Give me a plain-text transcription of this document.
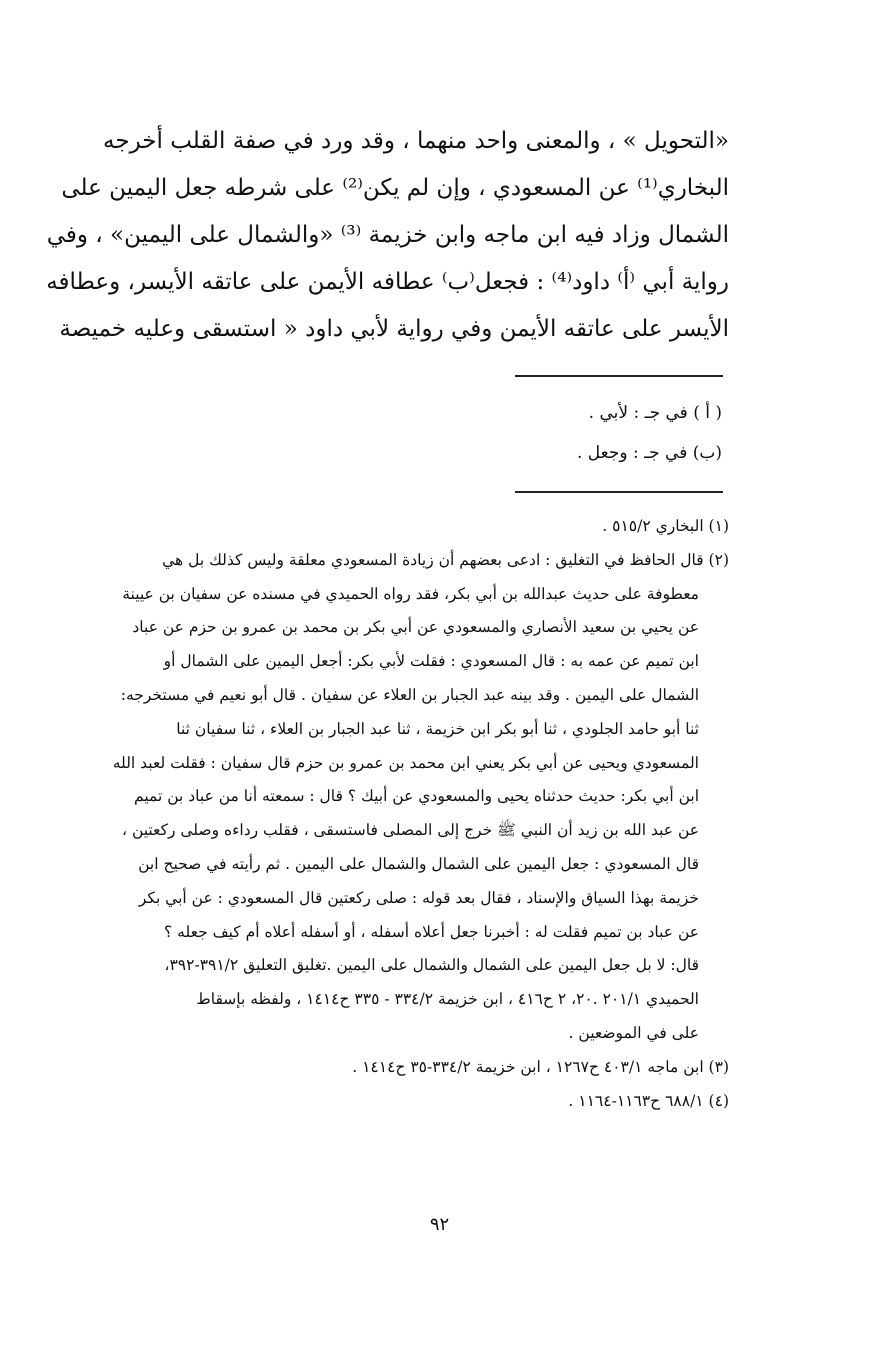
«التحويل » ، والمعنى واحد منهما ، وقد ورد في صفة القلب أخرجه
البخاري⁽¹⁾ عن المسعودي ، وإن لم يكن⁽²⁾ على شرطه جعل اليمين على
الشمال وزاد فيه ابن ماجه وابن خزيمة ⁽³⁾ «والشمال على اليمين» ، وفي
رواية أبي ⁽أ⁾ داود⁽⁴⁾ : فجعل⁽ب⁾ عطافه الأيمن على عاتقه الأيسر، وعطافه
الأيسر على عاتقه الأيمن وفي رواية لأبي داود « استسقى وعليه خميصة
( أ ) في جـ : لأبي .
(ب) في جـ : وجعل .
(١) البخاري ٥١٥/٢ .
(٢) قال الحافظ في التغليق : ادعى بعضهم أن زيادة المسعودي معلقة وليس كذلك بل هي
معطوفة على حديث عبدالله بن أبي بكر، فقد رواه الحميدي في مسنده عن سفيان بن عيينة
عن يحيي بن سعيد الأنصاري والمسعودي عن أبي بكر بن محمد بن عمرو بن حزم عن عباد
ابن تميم عن عمه به : قال المسعودي : فقلت لأبي بكر: أجعل اليمين على الشمال أو
الشمال على اليمين . وقد بينه عبد الجبار بن العلاء عن سفيان . قال أبو نعيم في مستخرجه:
ثنا أبو حامد الجلودي ، ثنا أبو بكر ابن خزيمة ، ثنا عبد الجبار بن العلاء ، ثنا سفيان ثنا
المسعودي ويحيى عن أبي بكر يعني ابن محمد بن عمرو بن حزم قال سفيان : فقلت لعبد الله
ابن أبي بكر: حديث حدثناه يحيى والمسعودي عن أبيك ؟ قال : سمعته أنا من عباد بن تميم
عن عبد الله بن زيد أن النبي ﷺ خرج إلى المصلى فاستسقى ، فقلب رداءه وصلى ركعتين ،
قال المسعودي : جعل اليمين على الشمال والشمال على اليمين . ثم رأيته في صحيح ابن
خزيمة بهذا السياق والإسناد ، فقال بعد قوله : صلى ركعتين قال المسعودي : عن أبي بكر
عن عباد بن تميم فقلت له : أخبرنا جعل أعلاه أسفله ، أو أسفله أعلاه أم كيف جعله ؟
قال: لا بل جعل اليمين على الشمال والشمال على اليمين .تغليق التعليق ٣٩١/٢-٣٩٢،
الحميدي ٢٠١/١ .٢٠، ٢ ح٤١٦ ، ابن خزيمة ٣٣٤/٢ - ٣٣٥ ح١٤١٤ ، ولفظه بإسقاط
على في الموضعين .
(٣) ابن ماجه ٤٠٣/١ ح١٢٦٧ ، ابن خزيمة ٣٣٤/٢-٣٥ ح١٤١٤ .
(٤) ٦٨٨/١ ح١١٦٣-١١٦٤ .
٩٢
